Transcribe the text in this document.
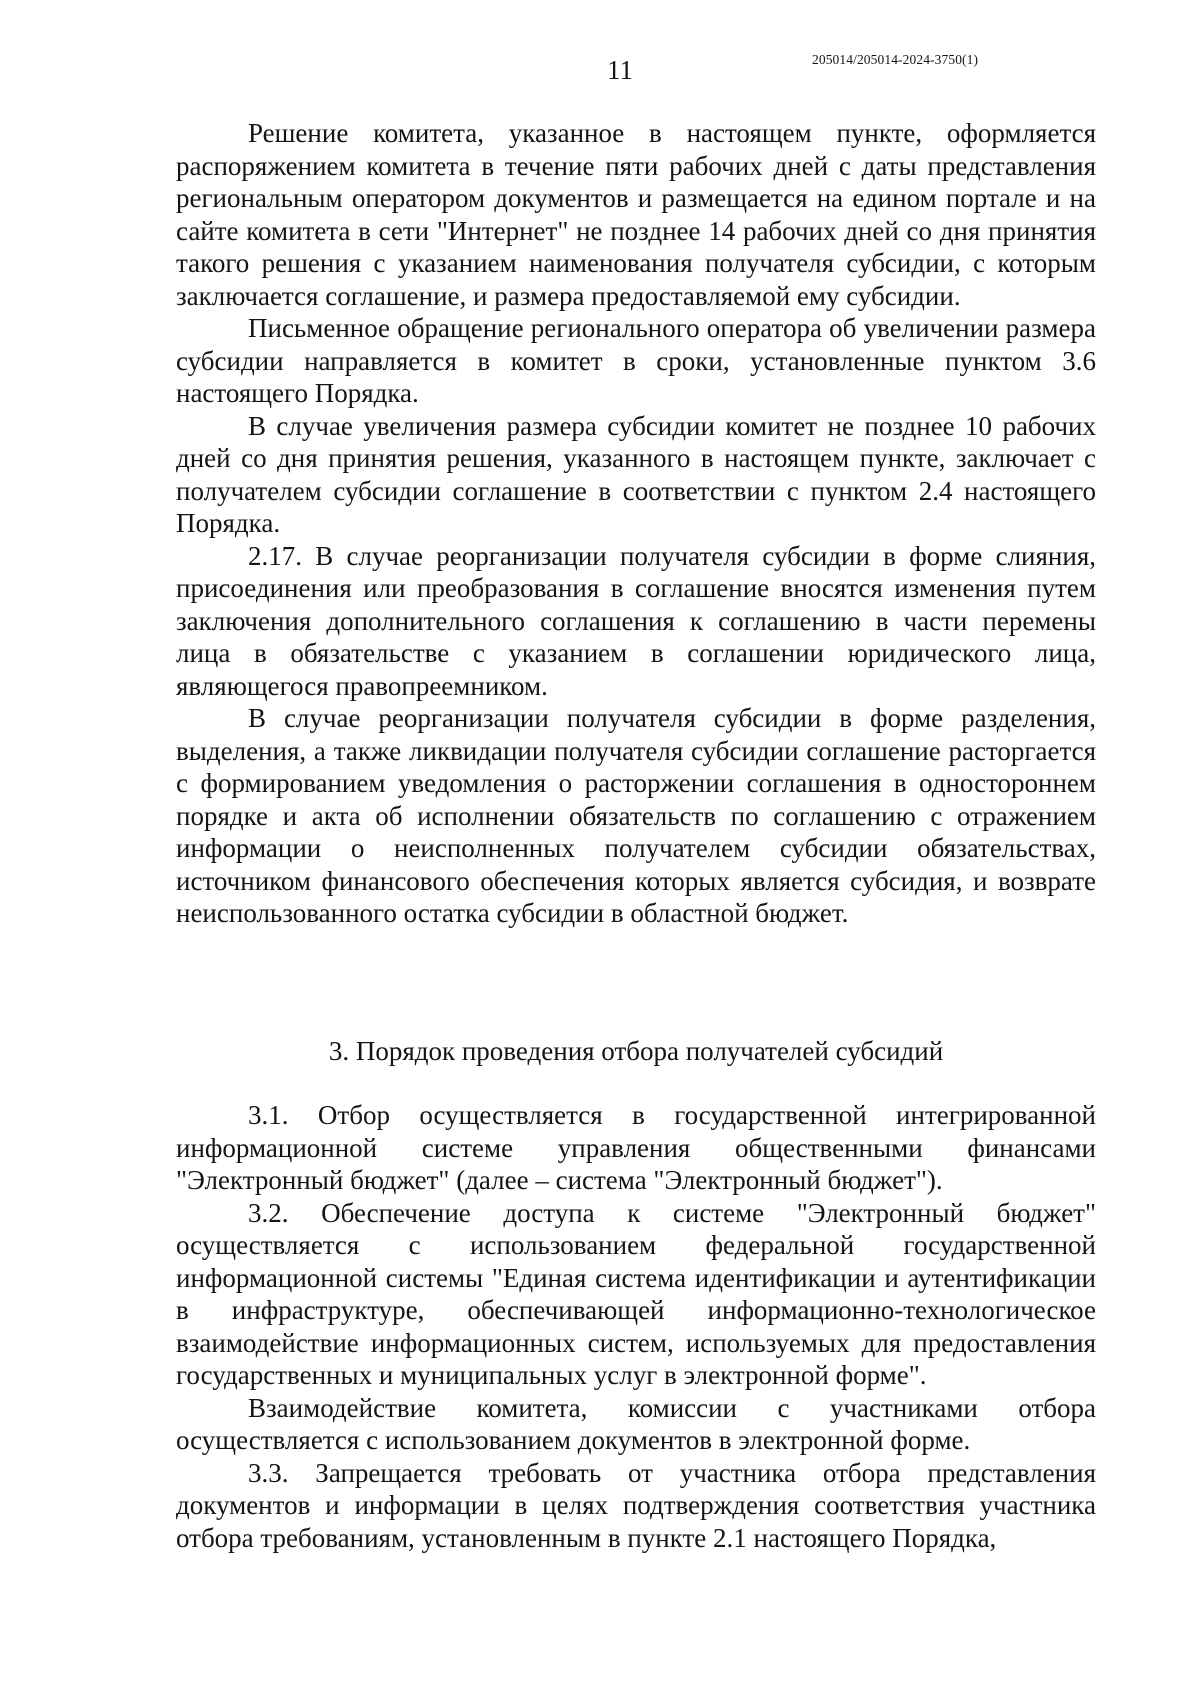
11	205014/205014-2024-3750(1)

Решение комитета, указанное в настоящем пункте, оформляется распоряжением комитета в течение пяти рабочих дней с даты представления региональным оператором документов и размещается на едином портале и на сайте комитета в сети "Интернет" не позднее 14 рабочих дней со дня принятия такого решения с указанием наименования получателя субсидии, с которым заключается соглашение, и размера предоставляемой ему субсидии.

Письменное обращение регионального оператора об увеличении размера субсидии направляется в комитет в сроки, установленные пунктом 3.6 настоящего Порядка.

В случае увеличения размера субсидии комитет не позднее 10 рабочих дней со дня принятия решения, указанного в настоящем пункте, заключает с получателем субсидии соглашение в соответствии с пунктом 2.4 настоящего Порядка.

2.17. В случае реорганизации получателя субсидии в форме слияния, присоединения или преобразования в соглашение вносятся изменения путем заключения дополнительного соглашения к соглашению в части перемены лица в обязательстве с указанием в соглашении юридического лица, являющегося правопреемником.

В случае реорганизации получателя субсидии в форме разделения, выделения, а также ликвидации получателя субсидии соглашение расторгается с формированием уведомления о расторжении соглашения в одностороннем порядке и акта об исполнении обязательств по соглашению с отражением информации о неисполненных получателем субсидии обязательствах, источником финансового обеспечения которых является субсидия, и возврате неиспользованного остатка субсидии в областной бюджет.

3. Порядок проведения отбора получателей субсидий

3.1. Отбор осуществляется в государственной интегрированной информационной системе управления общественными финансами "Электронный бюджет" (далее – система "Электронный бюджет").

3.2. Обеспечение доступа к системе "Электронный бюджет" осуществляется с использованием федеральной государственной информационной системы "Единая система идентификации и аутентификации в инфраструктуре, обеспечивающей информационно-технологическое взаимодействие информационных систем, используемых для предоставления государственных и муниципальных услуг в электронной форме".

Взаимодействие комитета, комиссии с участниками отбора осуществляется с использованием документов в электронной форме.

3.3. Запрещается требовать от участника отбора представления документов и информации в целях подтверждения соответствия участника отбора требованиям, установленным в пункте 2.1 настоящего Порядка,
